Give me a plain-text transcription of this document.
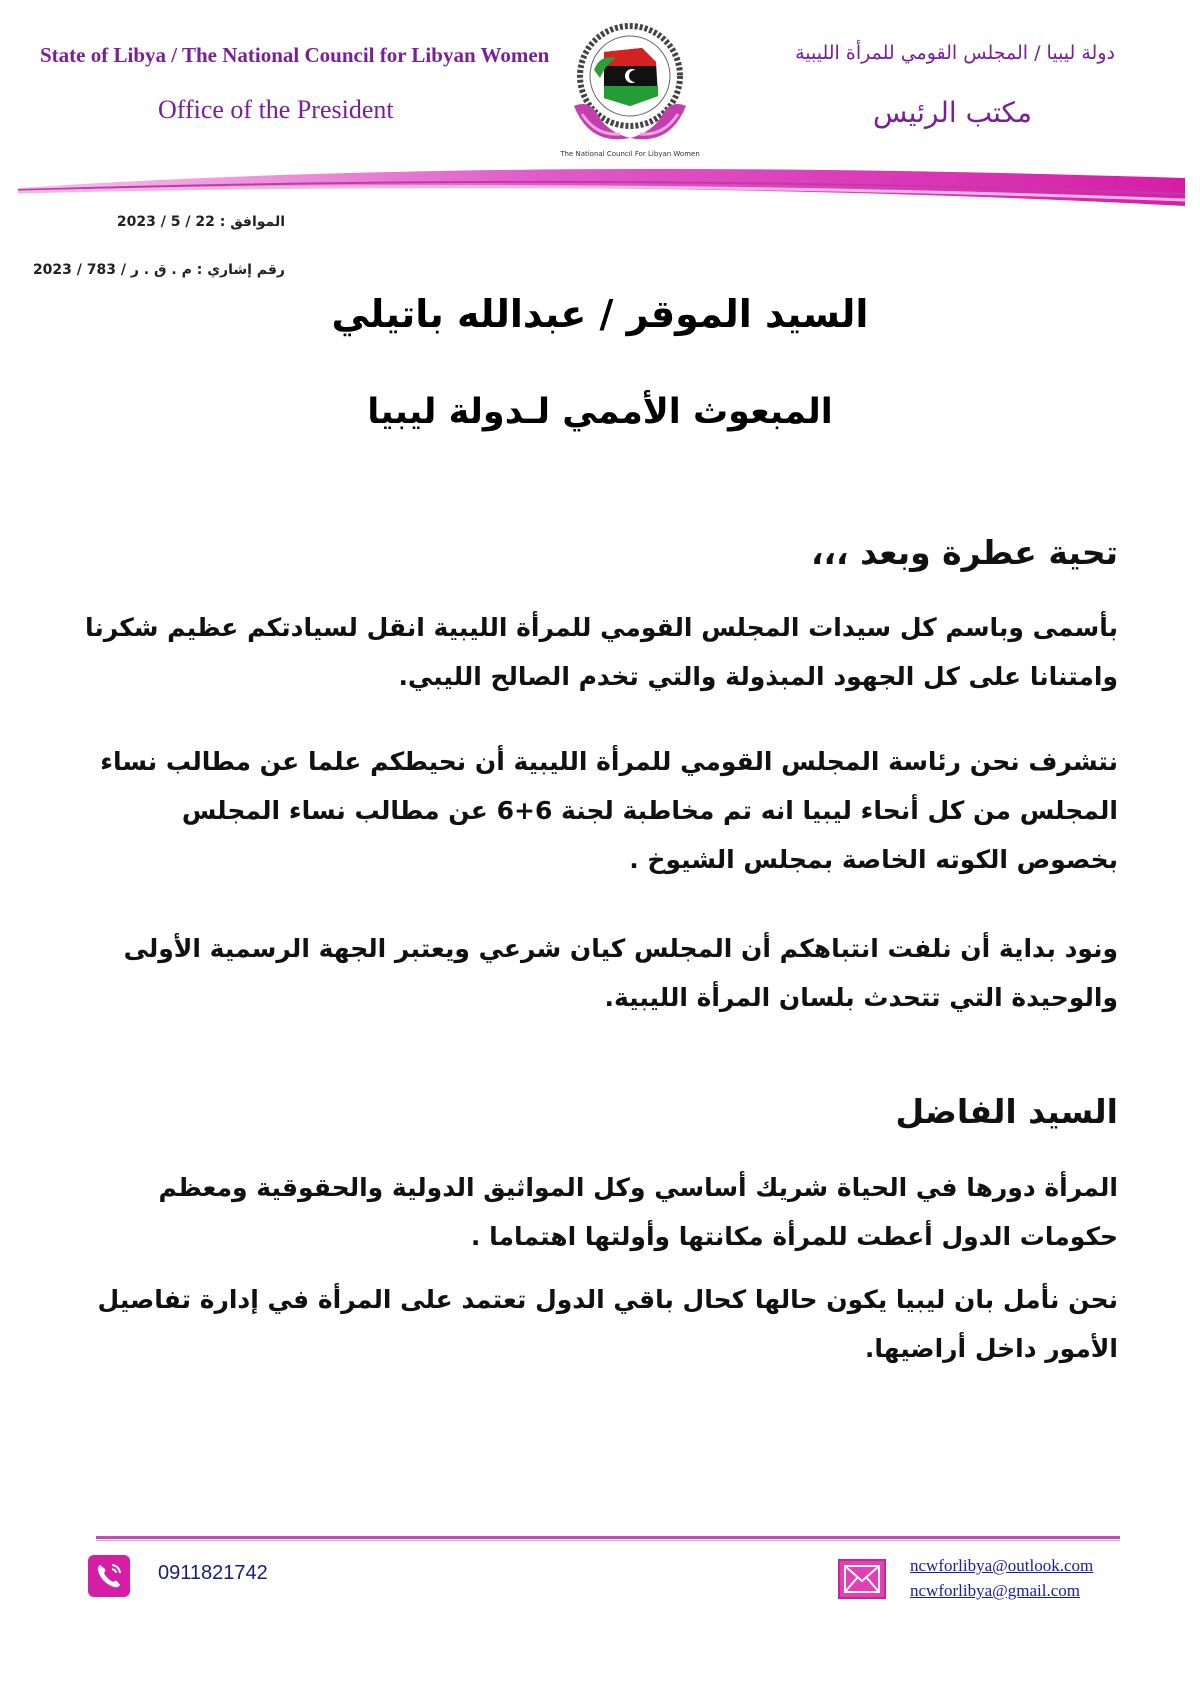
State of Libya / The National Council for Libyan Women
Office of the President
دولة ليبيا / المجلس القومي للمرأة الليبية
مكتب الرئيس
The National Council For Libyan Women
الموافق : 22 / 5 / 2023
رقم إشاري : م . ق . ر / 783 / 2023
السيد الموقر / عبدالله باتيلي
المبعوث الأممي لـدولة ليبيا
تحية عطرة وبعد ،،،
بأسمى وباسم كل سيدات المجلس القومي للمرأة الليبية انقل لسيادتكم عظيم شكرنا وامتنانا على كل الجهود المبذولة والتي تخدم الصالح الليبي.
نتشرف نحن رئاسة المجلس القومي للمرأة الليبية أن نحيطكم علما عن مطالب نساء المجلس من كل أنحاء ليبيا انه تم مخاطبة لجنة 6+6 عن مطالب نساء المجلس بخصوص الكوته الخاصة بمجلس الشيوخ .
ونود بداية أن نلفت انتباهكم أن المجلس كيان شرعي ويعتبر الجهة الرسمية الأولى والوحيدة التي تتحدث بلسان المرأة الليبية.
السيد الفاضل
المرأة دورها في الحياة شريك أساسي وكل المواثيق الدولية والحقوقية ومعظم حكومات الدول أعطت للمرأة مكانتها وأولتها اهتماما .
نحن نأمل بان ليبيا يكون حالها كحال باقي الدول تعتمد على المرأة في إدارة تفاصيل الأمور داخل أراضيها.
0911821742	ncwforlibya@outlook.com
ncwforlibya@gmail.com
